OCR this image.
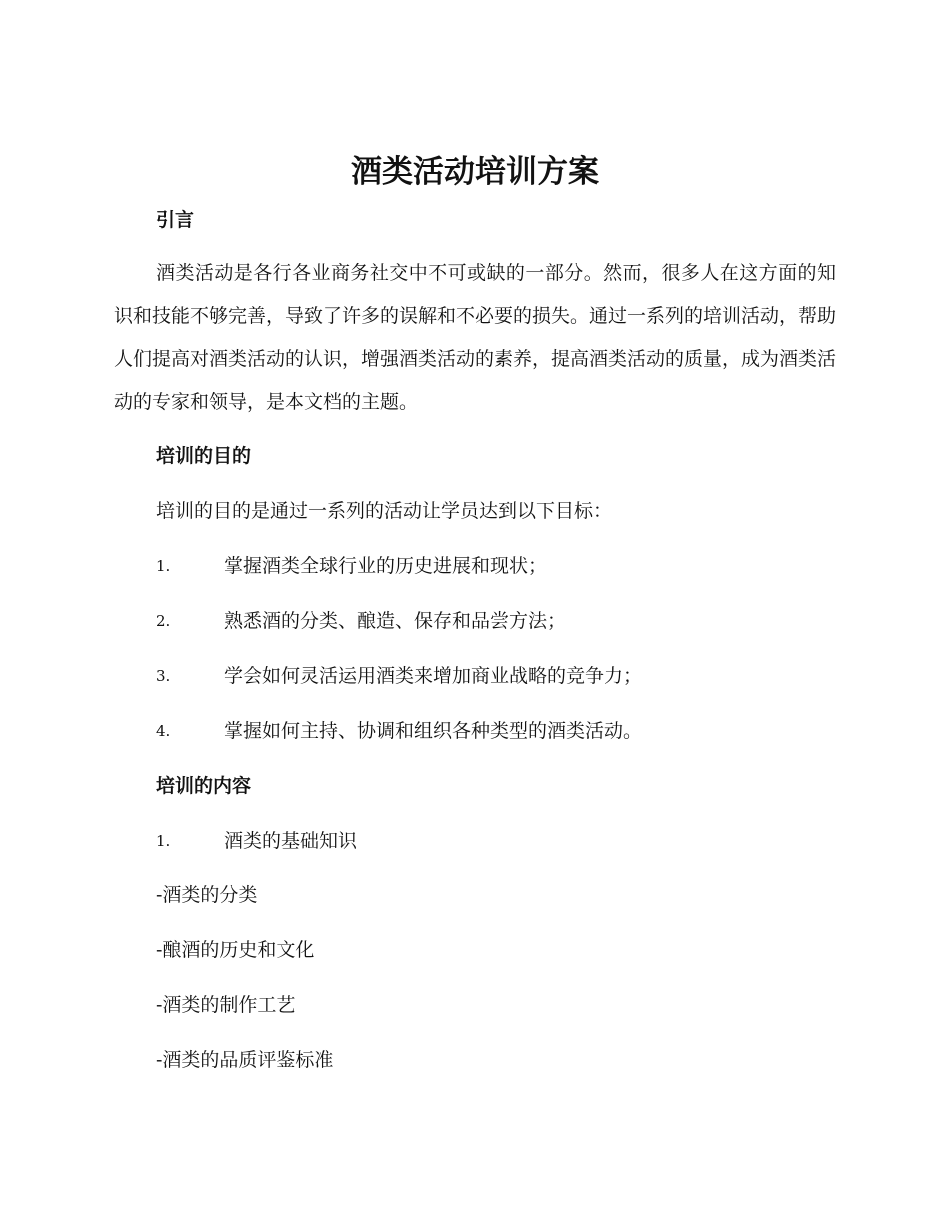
酒类活动培训方案
引言

酒类活动是各行各业商务社交中不可或缺的一部分。然而，很多人在这方面的知识和技能不够完善，导致了许多的误解和不必要的损失。通过一系列的培训活动，帮助人们提高对酒类活动的认识，增强酒类活动的素养，提高酒类活动的质量，成为酒类活动的专家和领导，是本文档的主题。

培训的目的

培训的目的是通过一系列的活动让学员达到以下目标：

1.	掌握酒类全球行业的历史进展和现状；
2.	熟悉酒的分类、酿造、保存和品尝方法；
3.	学会如何灵活运用酒类来增加商业战略的竞争力；
4.	掌握如何主持、协调和组织各种类型的酒类活动。
培训的内容
1.	酒类的基础知识
-酒类的分类
-酿酒的历史和文化
-酒类的制作工艺
-酒类的品质评鉴标准
